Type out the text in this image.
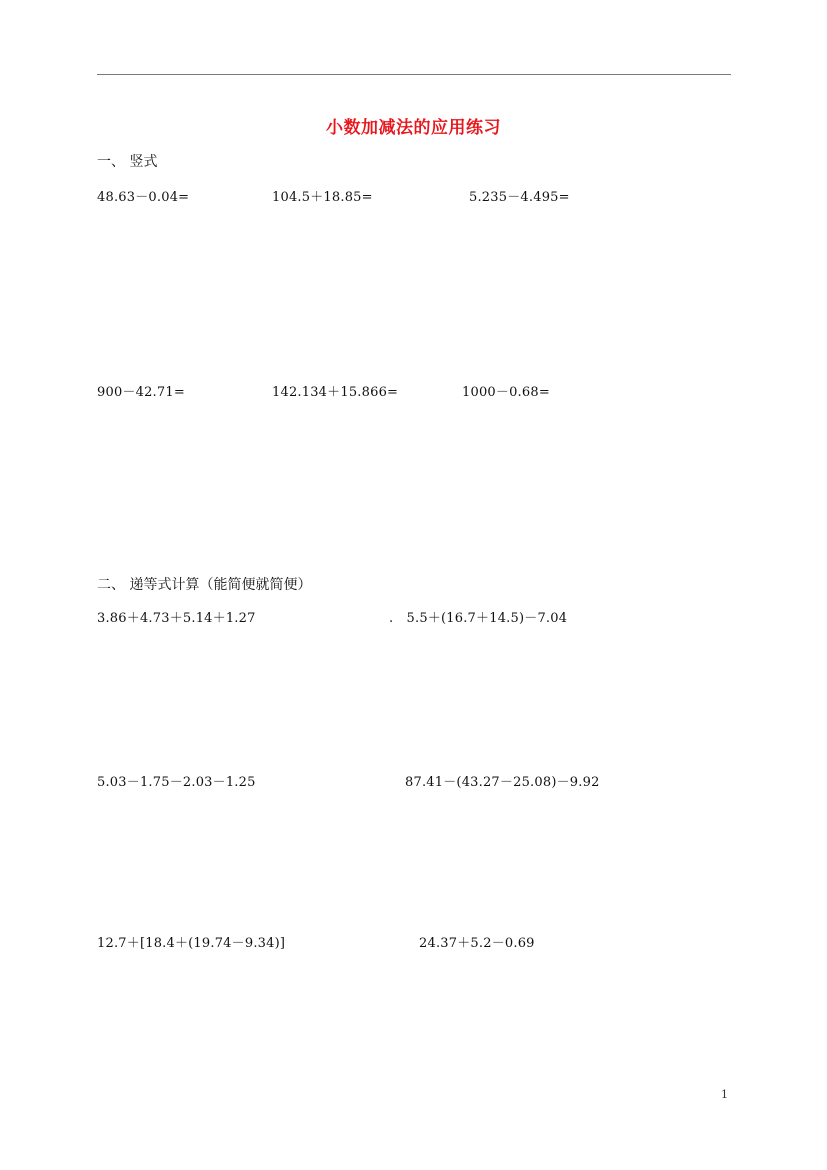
小数加减法的应用练习
一、 竖式
48.63－0.04=	104.5＋18.85=	5.235－4.495=
900－42.71=	142.134＋15.866=	1000－0.68=
二、 递等式计算（能简便就简便）
3.86＋4.73＋5.14＋1.27	.　5.5＋(16.7＋14.5)－7.04
5.03－1.75－2.03－1.25	87.41－(43.27－25.08)－9.92
12.7＋[18.4＋(19.74－9.34)]	24.37＋5.2－0.69
1
